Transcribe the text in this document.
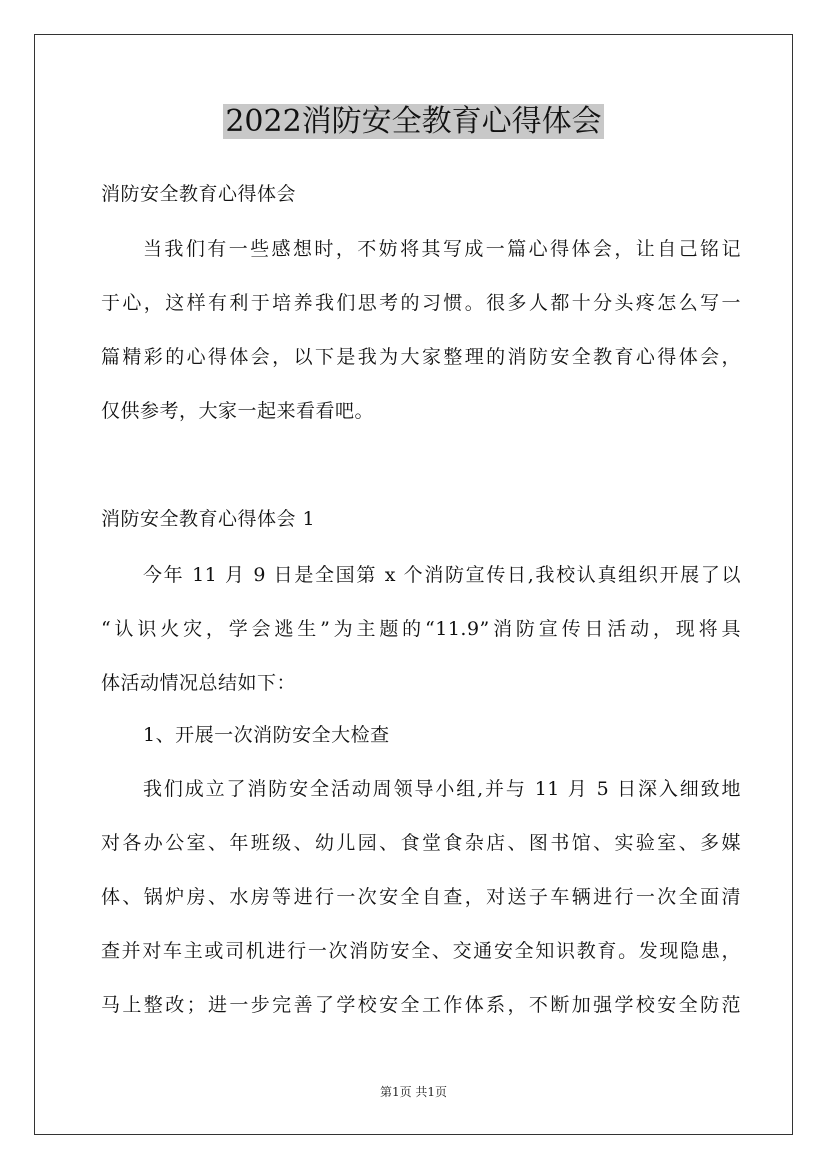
2022消防安全教育心得体会
消防安全教育心得体会
当我们有一些感想时，不妨将其写成一篇心得体会，让自己铭记
于心，这样有利于培养我们思考的习惯。很多人都十分头疼怎么写一
篇精彩的心得体会，以下是我为大家整理的消防安全教育心得体会，
仅供参考，大家一起来看看吧。
消防安全教育心得体会 1
今年 11 月 9 日是全国第 x 个消防宣传日,我校认真组织开展了以
“认识火灾，学会逃生”为主题的“11.9”消防宣传日活动，现将具
体活动情况总结如下：
1、开展一次消防安全大检查
我们成立了消防安全活动周领导小组,并与 11 月 5 日深入细致地
对各办公室、年班级、幼儿园、食堂食杂店、图书馆、实验室、多媒
体、锅炉房、水房等进行一次安全自查，对送子车辆进行一次全面清
查并对车主或司机进行一次消防安全、交通安全知识教育。发现隐患，
马上整改；进一步完善了学校安全工作体系，不断加强学校安全防范
第1页 共1页
